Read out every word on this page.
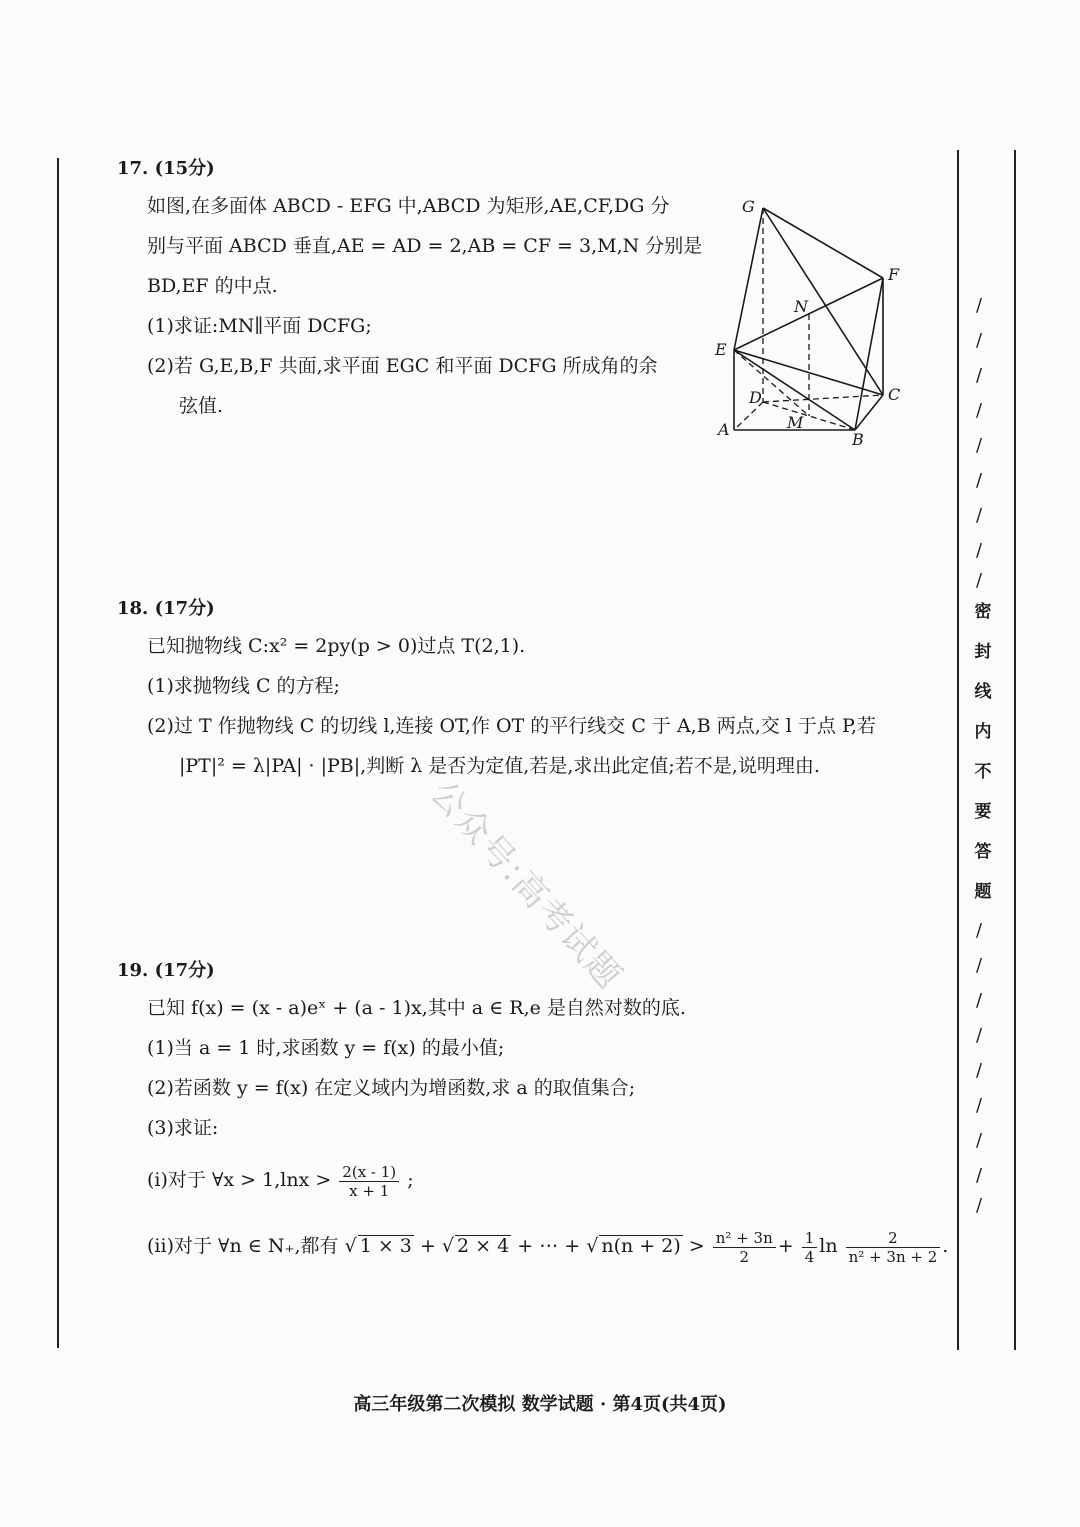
17. (15分)
如图,在多面体 ABCD - EFG 中,ABCD 为矩形,AE,CF,DG 分
别与平面 ABCD 垂直,AE = AD = 2,AB = CF = 3,M,N 分别是
BD,EF 的中点.
(1)求证:MN∥平面 DCFG;
(2)若 G,E,B,F 共面,求平面 EGC 和平面 DCFG 所成角的余
弦值.
G
F
N
E
D	C
A	M
B
18. (17分)
已知抛物线 C:x² = 2py(p > 0)过点 T(2,1).
(1)求抛物线 C 的方程;
(2)过 T 作抛物线 C 的切线 l,连接 OT,作 OT 的平行线交 C 于 A,B 两点,交 l 于点 P,若
|PT|² = λ|PA| · |PB|,判断 λ 是否为定值,若是,求出此定值;若不是,说明理由.
19. (17分)
已知 f(x) = (x - a)eˣ + (a - 1)x,其中 a ∈ R,e 是自然对数的底.
(1)当 a = 1 时,求函数 y = f(x) 的最小值;
(2)若函数 y = f(x) 在定义域内为增函数,求 a 的取值集合;
(3)求证:
(i)对于 ∀x > $1,\ln x > \frac{2(x - 1)}{x + 1}$ ;
(ii)对于 ∀n ∈ N₊,都有 √ 1 × 3 + √ 2 × 4 + ⋯ + √ $n(n + 2) > \frac{\text{n² + 3n}}{2} + \frac{1}{4}$ $\ln \frac{2}{\text{n² + 3n + 2}}$ .
/
/
/
/
/
/
/
/
/
密
封
线
内
不
要
答
题
/
/
/
/
/
/
/
/
/
公众号:高考试题
高三年级第二次模拟 数学试题 · 第4页(共4页)
